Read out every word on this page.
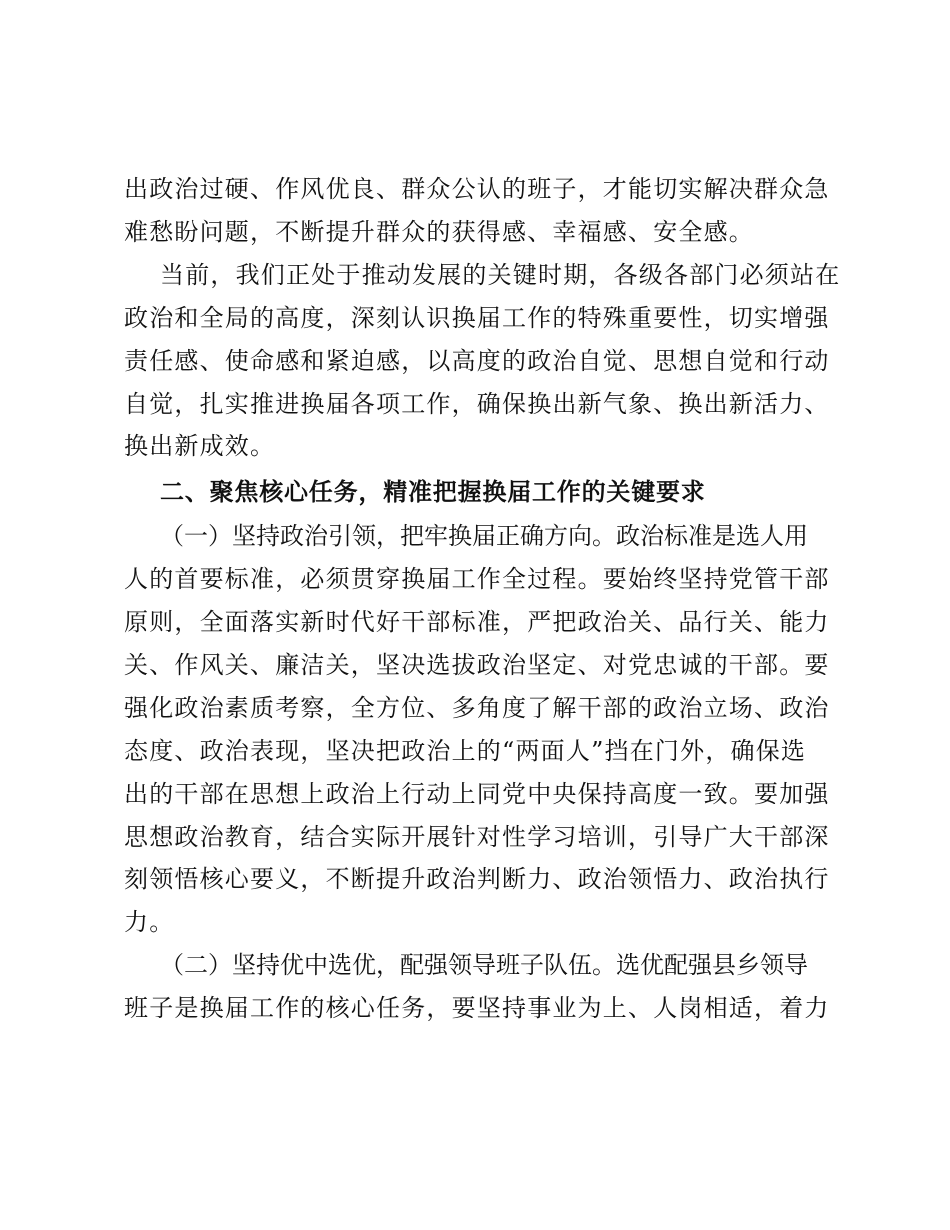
出政治过硬、作风优良、群众公认的班子，才能切实解决群众急
难愁盼问题，不断提升群众的获得感、幸福感、安全感。
当前，我们正处于推动发展的关键时期，各级各部门必须站在
政治和全局的高度，深刻认识换届工作的特殊重要性，切实增强
责任感、使命感和紧迫感，以高度的政治自觉、思想自觉和行动
自觉，扎实推进换届各项工作，确保换出新气象、换出新活力、
换出新成效。
二、聚焦核心任务，精准把握换届工作的关键要求
（一）坚持政治引领，把牢换届正确方向。政治标准是选人用
人的首要标准，必须贯穿换届工作全过程。要始终坚持党管干部
原则，全面落实新时代好干部标准，严把政治关、品行关、能力
关、作风关、廉洁关，坚决选拔政治坚定、对党忠诚的干部。要
强化政治素质考察，全方位、多角度了解干部的政治立场、政治
态度、政治表现，坚决把政治上的“两面人”挡在门外，确保选
出的干部在思想上政治上行动上同党中央保持高度一致。要加强
思想政治教育，结合实际开展针对性学习培训，引导广大干部深
刻领悟核心要义，不断提升政治判断力、政治领悟力、政治执行
力。
（二）坚持优中选优，配强领导班子队伍。选优配强县乡领导
班子是换届工作的核心任务，要坚持事业为上、人岗相适，着力
